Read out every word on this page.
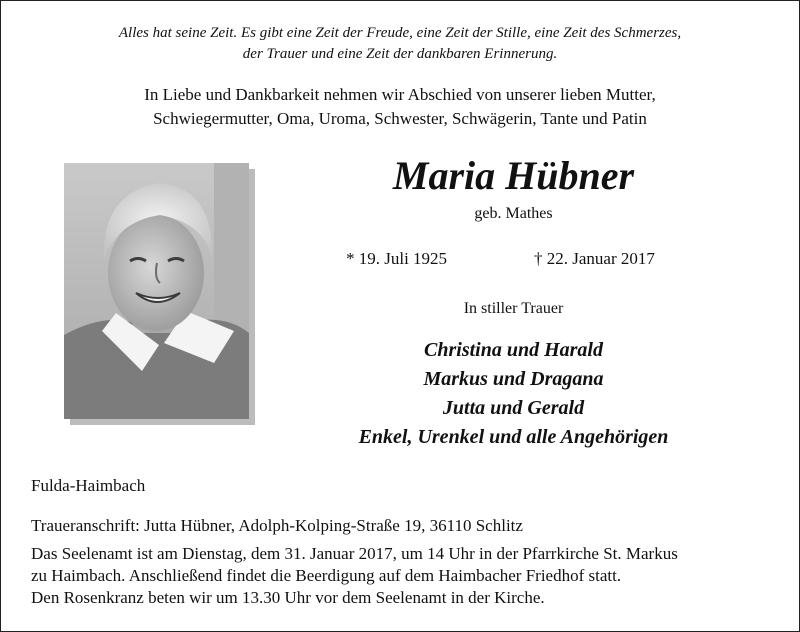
Alles hat seine Zeit. Es gibt eine Zeit der Freude, eine Zeit der Stille, eine Zeit des Schmerzes,
der Trauer und eine Zeit der dankbaren Erinnerung.
In Liebe und Dankbarkeit nehmen wir Abschied von unserer lieben Mutter,
Schwiegermutter, Oma, Uroma, Schwester, Schwägerin, Tante und Patin
Maria Hübner
geb. Mathes
* 19. Juli 1925	† 22. Januar 2017
In stiller Trauer
Christina und Harald
Markus und Dragana
Jutta und Gerald
Enkel, Urenkel und alle Angehörigen
Fulda-Haimbach
Traueranschrift: Jutta Hübner, Adolph-Kolping-Straße 19, 36110 Schlitz
Das Seelenamt ist am Dienstag, dem 31. Januar 2017, um 14 Uhr in der Pfarrkirche St. Markus
zu Haimbach. Anschließend findet die Beerdigung auf dem Haimbacher Friedhof statt.
Den Rosenkranz beten wir um 13.30 Uhr vor dem Seelenamt in der Kirche.
